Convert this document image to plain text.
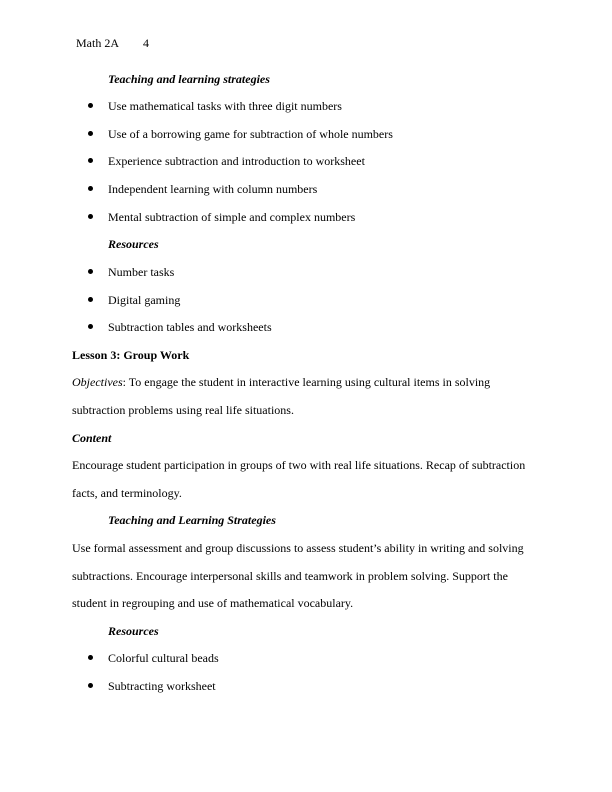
Math 2A 4
Teaching and learning strategies
Use mathematical tasks with three digit numbers
Use of a borrowing game for subtraction of whole numbers
Experience subtraction and introduction to worksheet
Independent learning with column numbers
Mental subtraction of simple and complex numbers
Resources
Number tasks
Digital gaming
Subtraction tables and worksheets
Lesson 3: Group Work
Objectives: To engage the student in interactive learning using cultural items in solving
subtraction problems using real life situations.
Content
Encourage student participation in groups of two with real life situations. Recap of subtraction
facts, and terminology.
Teaching and Learning Strategies
Use formal assessment and group discussions to assess student’s ability in writing and solving
subtractions. Encourage interpersonal skills and teamwork in problem solving. Support the
student in regrouping and use of mathematical vocabulary.
Resources
Colorful cultural beads
Subtracting worksheet
